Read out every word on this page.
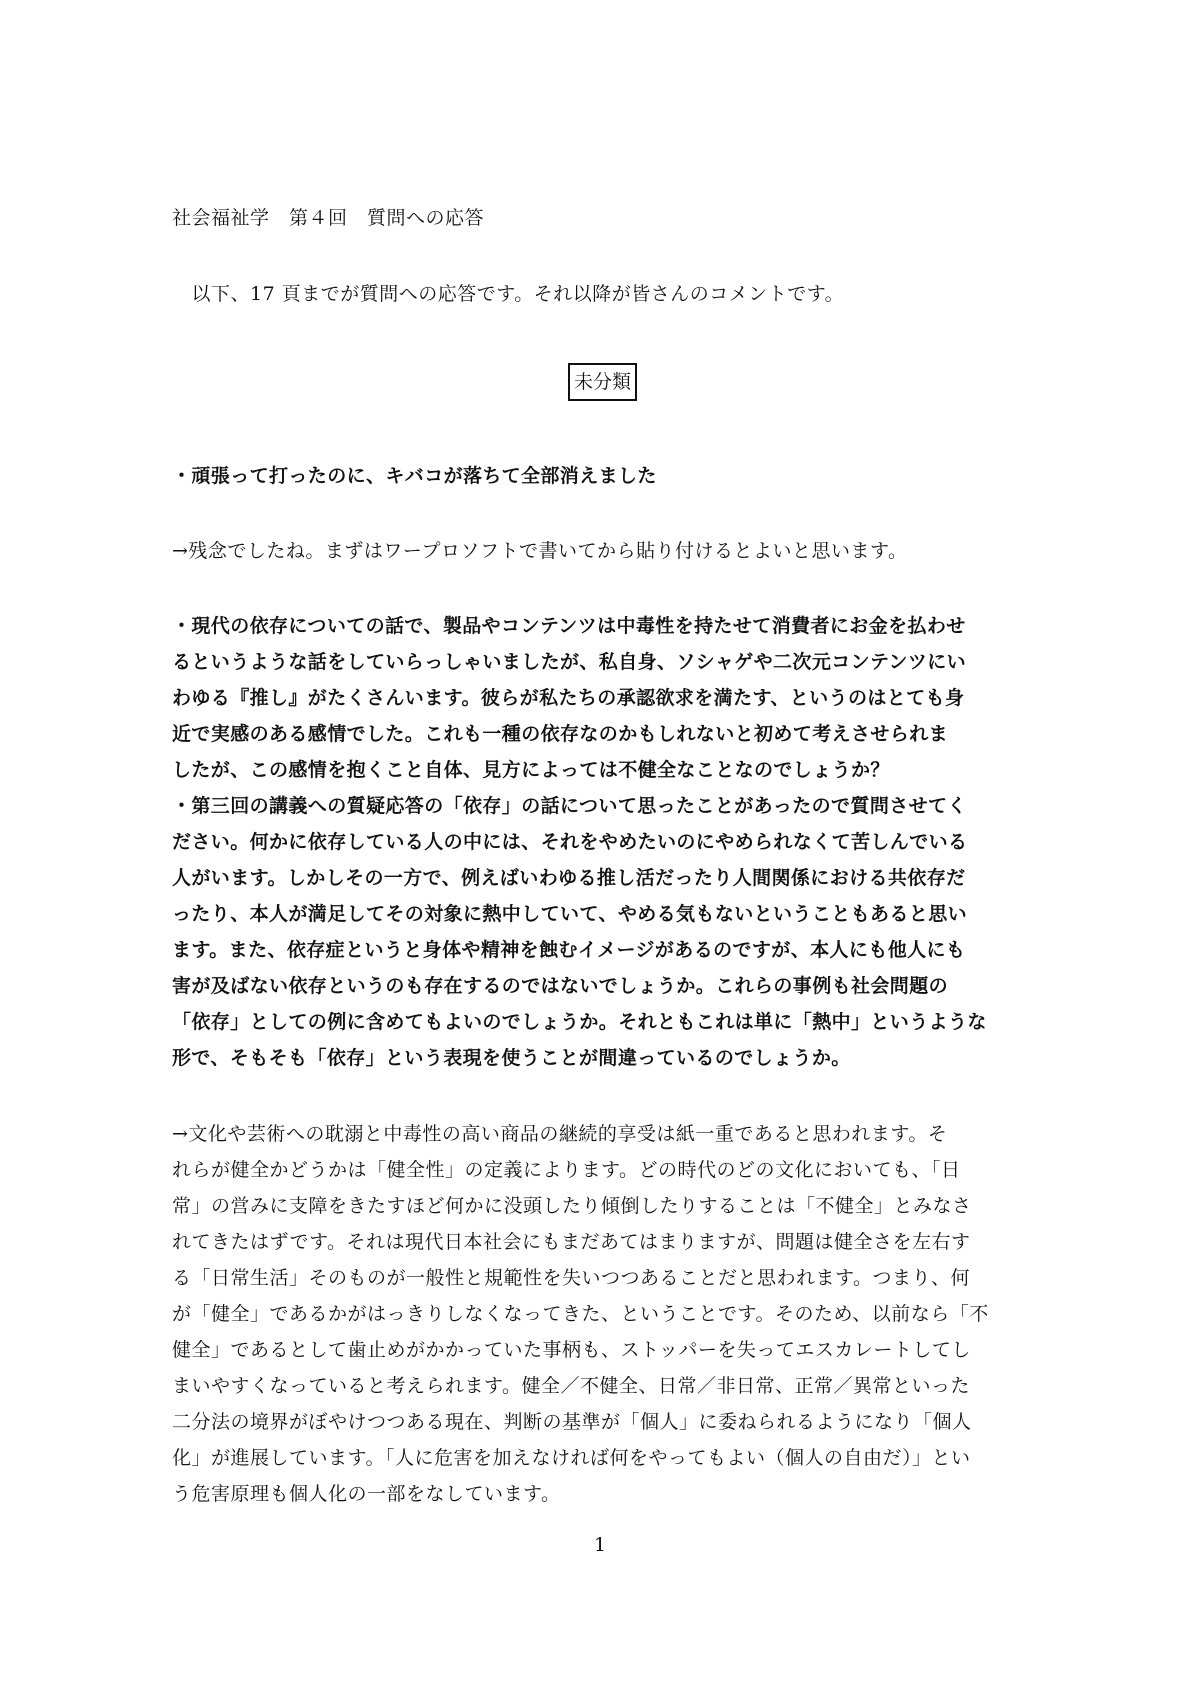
社会福祉学　第４回　質問への応答
　以下、17 頁までが質問への応答です。それ以降が皆さんのコメントです。
未分類
・頑張って打ったのに、キバコが落ちて全部消えました
→残念でしたね。まずはワープロソフトで書いてから貼り付けるとよいと思います。
・現代の依存についての話で、製品やコンテンツは中毒性を持たせて消費者にお金を払わせ
るというような話をしていらっしゃいましたが、私自身、ソシャゲや二次元コンテンツにい
わゆる『推し』がたくさんいます。彼らが私たちの承認欲求を満たす、というのはとても身
近で実感のある感情でした。これも一種の依存なのかもしれないと初めて考えさせられま
したが、この感情を抱くこと自体、見方によっては不健全なことなのでしょうか？
・第三回の講義への質疑応答の「依存」の話について思ったことがあったので質問させてく
ださい。何かに依存している人の中には、それをやめたいのにやめられなくて苦しんでいる
人がいます。しかしその一方で、例えばいわゆる推し活だったり人間関係における共依存だ
ったり、本人が満足してその対象に熱中していて、やめる気もないということもあると思い
ます。また、依存症というと身体や精神を蝕むイメージがあるのですが、本人にも他人にも
害が及ばない依存というのも存在するのではないでしょうか。これらの事例も社会問題の
「依存」としての例に含めてもよいのでしょうか。それともこれは単に「熱中」というような
形で、そもそも「依存」という表現を使うことが間違っているのでしょうか。
→文化や芸術への耽溺と中毒性の高い商品の継続的享受は紙一重であると思われます。そ
れらが健全かどうかは「健全性」の定義によります。どの時代のどの文化においても、「日
常」の営みに支障をきたすほど何かに没頭したり傾倒したりすることは「不健全」とみなさ
れてきたはずです。それは現代日本社会にもまだあてはまりますが、問題は健全さを左右す
る「日常生活」そのものが一般性と規範性を失いつつあることだと思われます。つまり、何
が「健全」であるかがはっきりしなくなってきた、ということです。そのため、以前なら「不
健全」であるとして歯止めがかかっていた事柄も、ストッパーを失ってエスカレートしてし
まいやすくなっていると考えられます。健全／不健全、日常／非日常、正常／異常といった
二分法の境界がぼやけつつある現在、判断の基準が「個人」に委ねられるようになり「個人
化」が進展しています。「人に危害を加えなければ何をやってもよい（個人の自由だ）」とい
う危害原理も個人化の一部をなしています。
1
